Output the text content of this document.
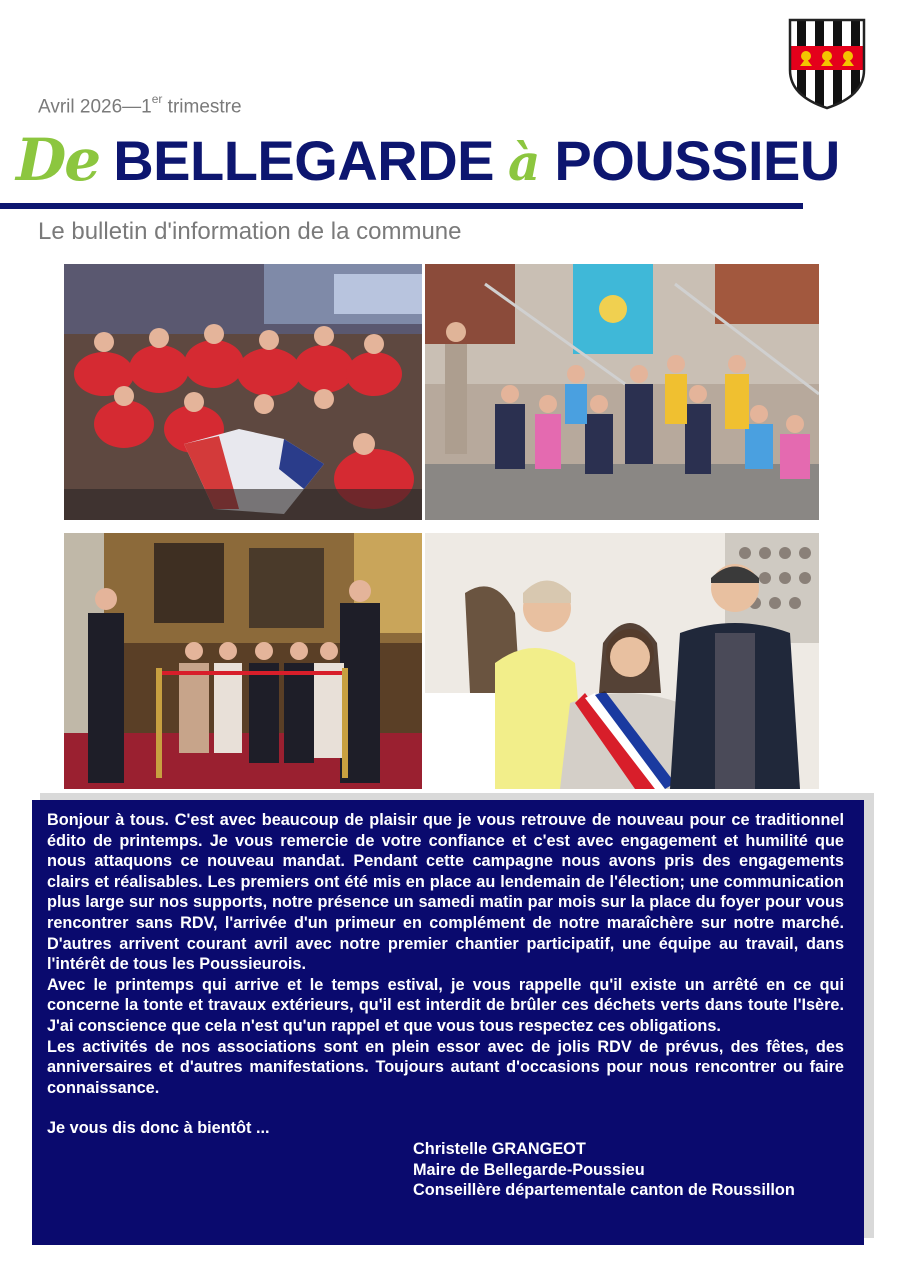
Avril 2026—1er trimestre
De BELLEGARDE à POUSSIEU
Le bulletin d'information de la commune

Bonjour à tous. C'est avec beaucoup de plaisir que je vous retrouve de nouveau pour ce traditionnel édito de printemps. Je vous remercie de votre confiance et c'est avec engagement et humilité que nous attaquons ce nouveau mandat. Pendant cette campagne nous avons pris des engagements clairs et réalisables. Les premiers ont été mis en place au lendemain de l'élection; une communication plus large sur nos supports, notre présence un samedi matin par mois sur la place du foyer pour vous rencontrer sans RDV, l'arrivée d'un primeur en complément de notre maraîchère sur notre marché. D'autres arrivent courant avril avec notre premier chantier participatif, une équipe au travail, dans l'intérêt de tous les Poussieurois.

Avec le printemps qui arrive et le temps estival, je vous rappelle qu'il existe un arrêté en ce qui concerne la tonte et travaux extérieurs, qu'il est interdit de brûler ces déchets verts dans toute l'Isère. J'ai conscience que cela n'est qu'un rappel et que vous tous respectez ces obligations.

Les activités de nos associations sont en plein essor avec de jolis RDV de prévus, des fêtes, des anniversaires et d'autres manifestations. Toujours autant d'occasions pour nous rencontrer ou faire connaissance.

Je vous dis donc à bientôt ...

Christelle GRANGEOT
Maire de Bellegarde-Poussieu
Conseillère départementale canton de Roussillon
